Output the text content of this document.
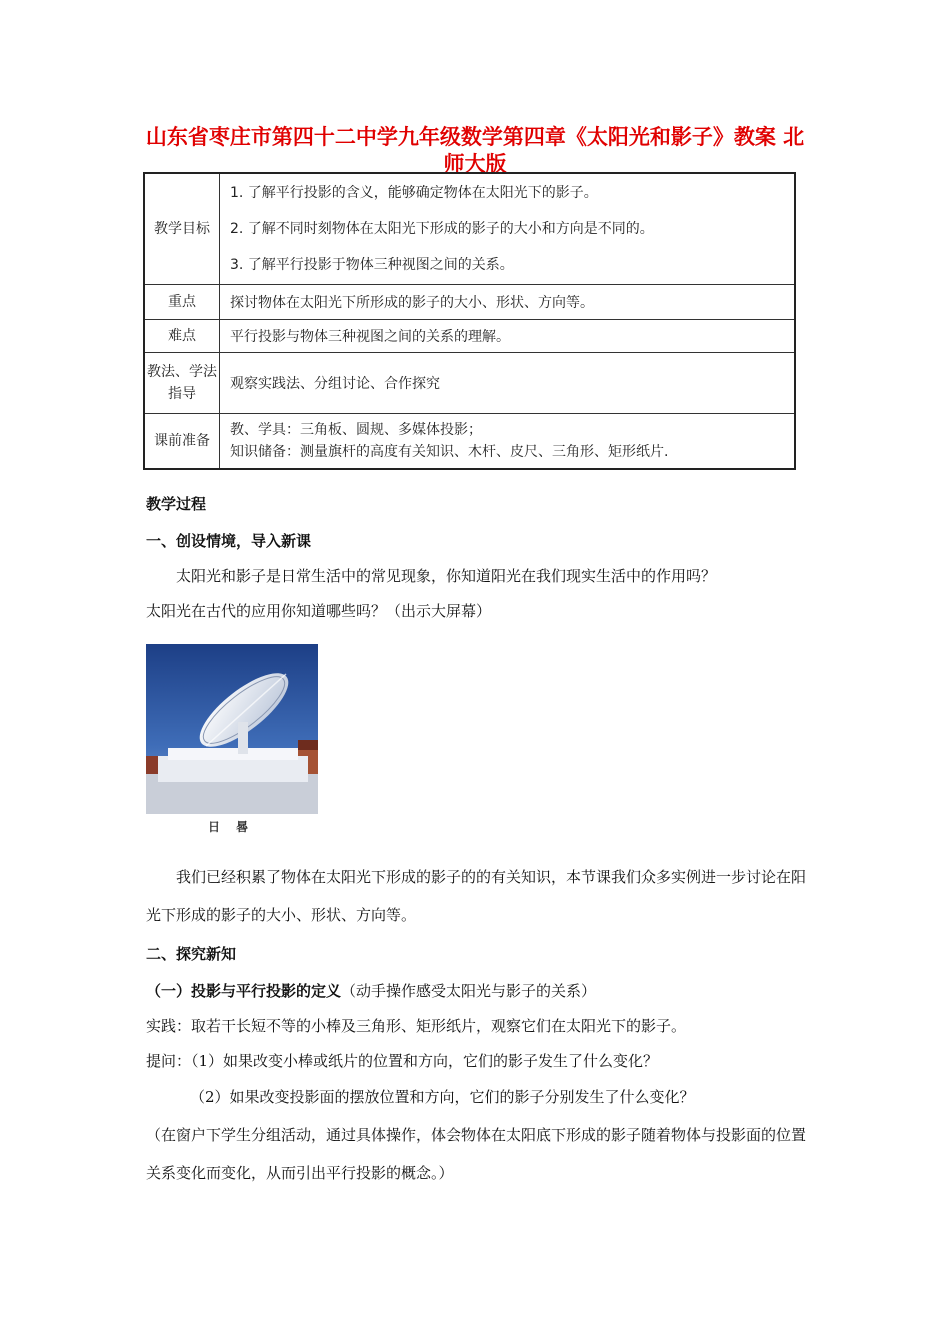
山东省枣庄市第四十二中学九年级数学第四章《太阳光和影子》教案 北师大版
教学目标	1. 了解平行投影的含义，能够确定物体在太阳光下的影子。
2. 了解不同时刻物体在太阳光下形成的影子的大小和方向是不同的。
3. 了解平行投影于物体三种视图之间的关系。

重点	探讨物体在太阳光下所形成的影子的大小、形状、方向等。
难点	平行投影与物体三种视图之间的关系的理解。
教法、学法指导	观察实践法、分组讨论、合作探究
课前准备	教、学具：三角板、圆规、多媒体投影；
知识储备：测量旗杆的高度有关知识、木杆、皮尺、三角形、矩形纸片.

教学过程

一、创设情境，导入新课

太阳光和影子是日常生活中的常见现象，你知道阳光在我们现实生活中的作用吗？

太阳光在古代的应用你知道哪些吗？（出示大屏幕）

日 晷

我们已经积累了物体在太阳光下形成的影子的的有关知识，本节课我们众多实例进一步讨论在阳光下形成的影子的大小、形状、方向等。

二、探究新知

（一）投影与平行投影的定义（动手操作感受太阳光与影子的关系）

实践：取若干长短不等的小棒及三角形、矩形纸片，观察它们在太阳光下的影子。

提问：（1）如果改变小棒或纸片的位置和方向，它们的影子发生了什么变化？

（2）如果改变投影面的摆放位置和方向，它们的影子分别发生了什么变化？

（在窗户下学生分组活动，通过具体操作，体会物体在太阳底下形成的影子随着物体与投影面的位置关系变化而变化，从而引出平行投影的概念。）
